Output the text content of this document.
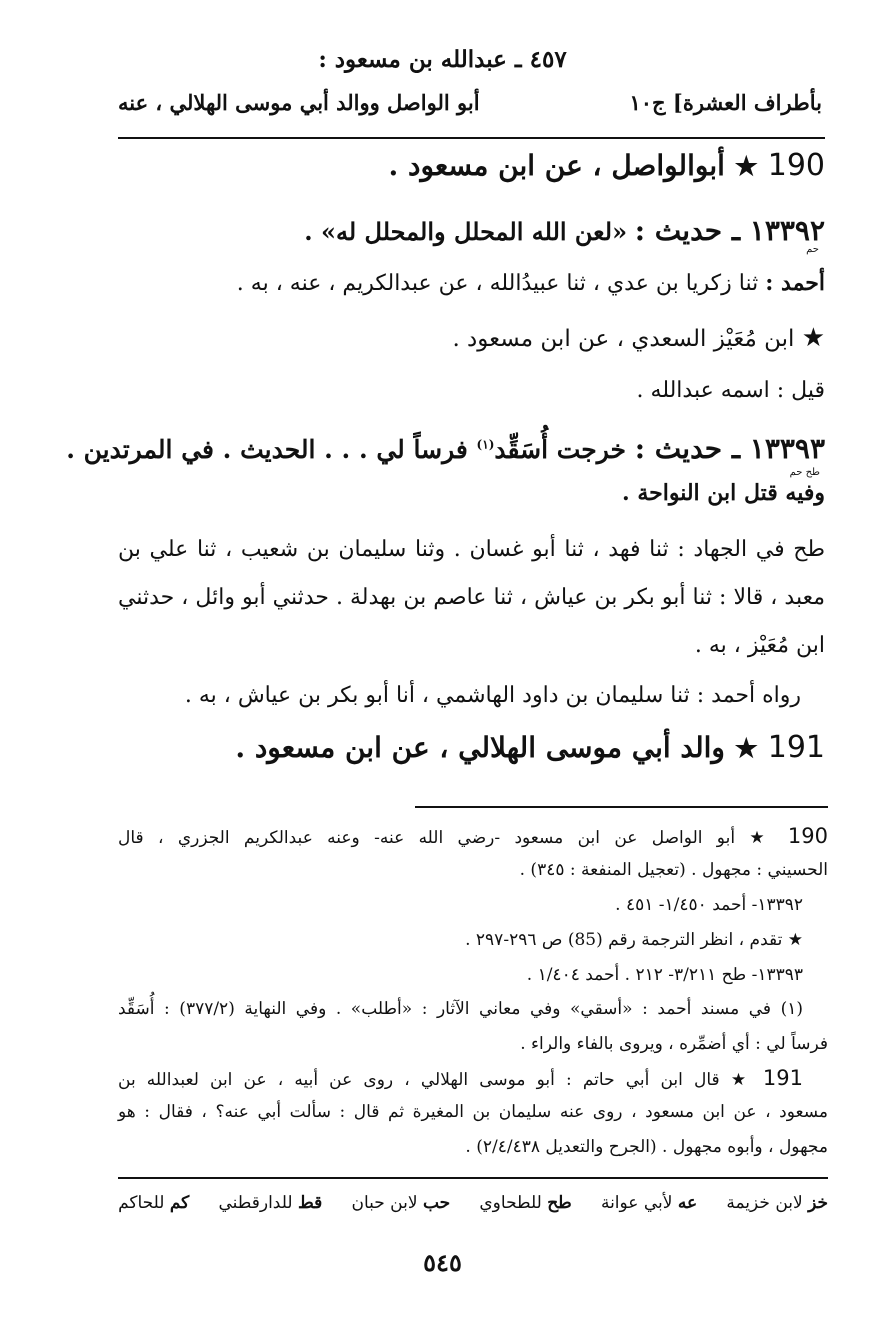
٤٥٧ ـ عبدالله بن مسعود :
بأطراف العشرة] ج١٠
أبو الواصل ووالد أبي موسى الهلالي ، عنه
190 ★ أبوالواصل ، عن ابن مسعود .
١٣٣٩٢ ـ حديث : «لعن الله المحلل والمحلل له» .
حم
أحمد : ثنا زكريا بن عدي ، ثنا عبيدُالله ، عن عبدالكريم ، عنه ، به .
★ ابن مُعَيْز السعدي ، عن ابن مسعود .
قيل : اسمه عبدالله .
١٣٣٩٣ ـ حديث : خرجت أُسَقِّد$^{(١)}$ فرساً لي . . . الحديث . في المرتدين .
طح حم
وفيه قتل ابن النواحة .
طح في الجهاد : ثنا فهد ، ثنا أبو غسان . وثنا سليمان بن شعيب ، ثنا علي بن
معبد ، قالا : ثنا أبو بكر بن عياش ، ثنا عاصم بن بهدلة . حدثني أبو وائل ، حدثني
ابن مُعَيْز ، به .
رواه أحمد : ثنا سليمان بن داود الهاشمي ، أنا أبو بكر بن عياش ، به .
191 ★ والد أبي موسى الهلالي ، عن ابن مسعود .
190 ★ أبو الواصل عن ابن مسعود -رضي الله عنه- وعنه عبدالكريم الجزري ، قال
الحسيني : مجهول . (تعجيل المنفعة : ٣٤٥) .
١٣٣٩٢- أحمد ١/٤٥٠- ٤٥١ .
★ تقدم ، انظر الترجمة رقم (85) ص ٢٩٦-٢٩٧ .
١٣٣٩٣- طح ٣/٢١١- ٢١٢ . أحمد ١/٤٠٤ .
(١) في مسند أحمد : «أسقي» وفي معاني الآثار : «أطلب» . وفي النهاية (٣٧٧/٢) : أُسَقِّد
فرساً لي : أي أضمِّره ، ويروى بالفاء والراء .
191 ★ قال ابن أبي حاتم : أبو موسى الهلالي ، روى عن أبيه ، عن ابن لعبدالله بن
مسعود ، عن ابن مسعود ، روى عنه سليمان بن المغيرة ثم قال : سألت أبي عنه؟ ، فقال : هو
مجهول ، وأبوه مجهول . (الجرح والتعديل ٢/٤/٤٣٨) .
خز لابن خزيمة
عه لأبي عوانة
طح للطحاوي
حب لابن حبان
قط للدارقطني
كم للحاكم
٥٤٥
